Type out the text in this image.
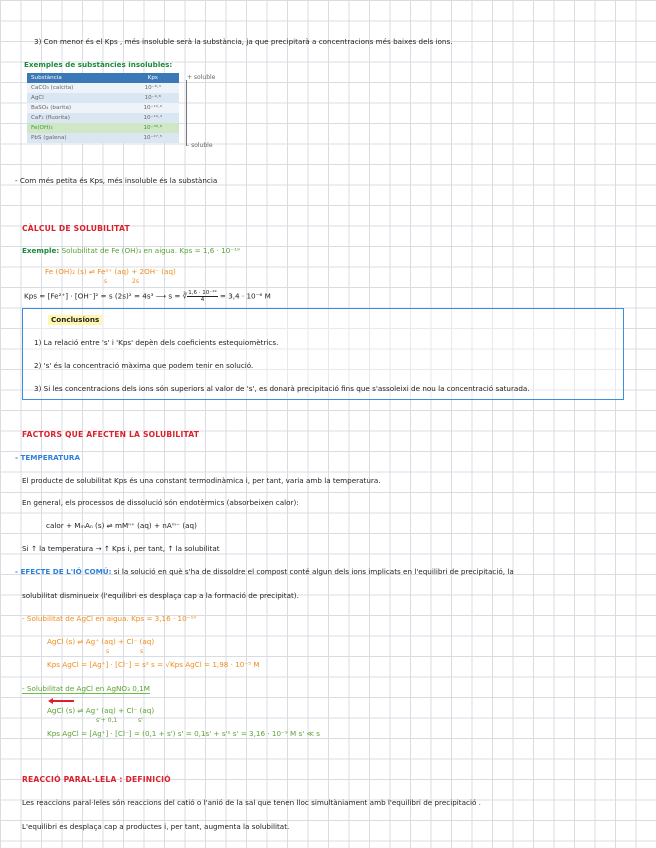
3) Con menor és el Kps , més insoluble serà la substància, ja que precipitarà a concentracions més baixes dels ions.
Exemples de substàncies insolubles:
Substància	Kps
CaCO₃ (calcita)	10⁻⁸·⁴
AgCl	10⁻⁹·⁸
BaSO₄ (barita)	10⁻¹⁰·⁰
CaF₂ (fluorita)	10⁻¹⁰·⁴
Fe(OH)₃	10⁻³⁸·⁸
PbS (galena)	10⁻²⁷·⁵
+ soluble
- soluble
- Com més petita és Kps, més insoluble és la substància
CÀLCUL DE SOLUBILITAT
Exemple: Solubilitat de Fe (OH)₃ en aigua. Kps = 1,6 · 10⁻¹⁹
Fe (OH)₂ (s) ⇌ Fe²⁺ (aq) + 2OH⁻ (aq)
s	2s
Kps = [Fe²⁺] · [OH⁻]² = s (2s)² = 4s³ ⟶ s = ∛ $\frac{\text{1,6 · 10⁻¹⁹}}{4} = 3,4 \cdot 10^{-6}$ M
Conclusions
1) La relació entre 's' i 'Kps' depèn dels coeficients estequiomètrics.
2) 's' és la concentració màxima que podem tenir en solució.
3) Si les concentracions dels ions són superiors al valor de 's', es donarà precipitació fins que s'assoleixi de nou la concentració saturada.
FACTORS QUE AFECTEN LA SOLUBILITAT
- TEMPERATURA
El producte de solubilitat Kps és una constant termodinàmica i, per tant, varia amb la temperatura.
En general, els processos de dissolució són endotèrmics (absorbeixen calor):
calor + MₘAₙ (s) ⇌ mMⁿ⁺ (aq) + nAᵐ⁻ (aq)
Si ↑ la temperatura → ↑ Kps i, per tant, ↑ la solubilitat
- EFECTE DE L'IÓ COMÚ: si la solució en què s'ha de dissoldre el compost conté algun dels ions implicats en l'equilibri de precipitació, la
solubilitat disminueix (l'equilibri es desplaça cap a la formació de precipitat).
- Solubilitat de AgCl en aigua. Kps = 3,16 · 10⁻¹⁰
AgCl (s) ⇌ Ag⁺ (aq) + Cl⁻ (aq)
s	s
Kps AgCl = [Ag⁺] · [Cl⁻] = s² s = √Kps AgCl = 1,98 · 10⁻⁵ M
- Solubilitat de AgCl en AgNO₃ 0,1M
AgCl (s) ⇌ Ag⁺ (aq) + Cl⁻ (aq)
s'+ 0,1	s'
Kps AgCl = [Ag⁺] · [Cl⁻] = (0,1 + s') s' = 0,1s' + s'² s' = 3,16 · 10⁻⁹ M s' ≪ s
REACCIÓ PARAL·LELA : DEFINICIÓ
Les reaccions paral·leles són reaccions del catió o l'anió de la sal que tenen lloc simultàniament amb l'equilibri de precipitació .
L'equilibri es desplaça cap a productes i, per tant, augmenta la solubilitat.
